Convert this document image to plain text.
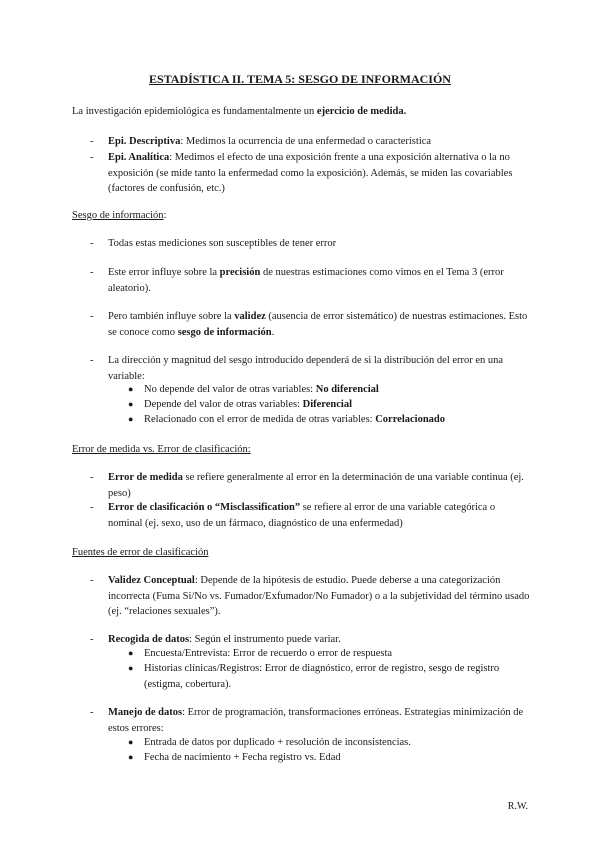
ESTADÍSTICA II. TEMA 5: SESGO DE INFORMACIÓN
La investigación epidemiológica es fundamentalmente un ejercicio de medida.
- Epi. Descriptiva: Medimos la ocurrencia de una enfermedad o característica
- Epi. Analítica: Medimos el efecto de una exposición frente a una exposición alternativa o la no exposición (se mide tanto la enfermedad como la exposición). Además, se miden las covariables (factores de confusión, etc.)
Sesgo de información:
- Todas estas mediciones son susceptibles de tener error
- Este error influye sobre la precisión de nuestras estimaciones como vimos en el Tema 3 (error aleatorio).
- Pero también influye sobre la validez (ausencia de error sistemático) de nuestras estimaciones. Esto se conoce como sesgo de información.
- La dirección y magnitud del sesgo introducido dependerá de si la distribución del error en una variable:
● No depende del valor de otras variables: No diferencial
● Depende del valor de otras variables: Diferencial
● Relacionado con el error de medida de otras variables: Correlacionado
Error de medida vs. Error de clasificación:
- Error de medida se refiere generalmente al error en la determinación de una variable continua (ej. peso)
- Error de clasificación o “Misclassification” se refiere al error de una variable categórica o nominal (ej. sexo, uso de un fármaco, diagnóstico de una enfermedad)
Fuentes de error de clasificación
- Validez Conceptual: Depende de la hipótesis de estudio. Puede deberse a una categorización incorrecta (Fuma Si/No vs. Fumador/Exfumador/No Fumador) o a la subjetividad del término usado (ej. “relaciones sexuales”).
- Recogida de datos: Según el instrumento puede variar.
● Encuesta/Entrevista: Error de recuerdo o error de respuesta
● Historias clínicas/Registros: Error de diagnóstico, error de registro, sesgo de registro (estigma, cobertura).
- Manejo de datos: Error de programación, transformaciones erróneas. Estrategias minimización de estos errores:
● Entrada de datos por duplicado + resolución de inconsistencias.
● Fecha de nacimiento + Fecha registro vs. Edad
R.W.
